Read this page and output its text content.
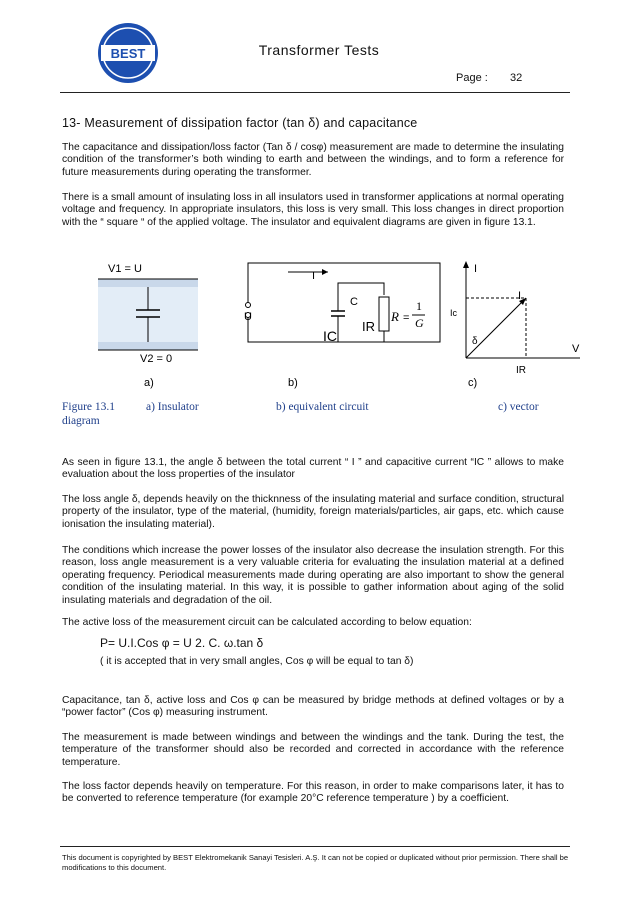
BEST	Transformer Tests
Page : 32
13- Measurement of dissipation factor (tan δ) and capacitance
The capacitance and dissipation/loss factor (Tan δ / cosφ) measurement are made to determine the insulating condition of the transformer’s both winding to earth and between the windings, and to form a reference for future measurements during operating the transformer.
There is a small amount of insulating loss in all insulators used in transformer applications at normal operating voltage and frequency. In appropriate insulators, this loss is very small. This loss changes in direct proportion with the “ square “ of the applied voltage. The insulator and equivalent diagrams are given in figure 13.1.
V1 = U
V2 = 0
a)
U
I
C
IC
IR
R =
1
G
b)
I
I
Ic
δ
V
IR
c)
Figure 13.1	a) Insulator	b) equivalent circuit	c) vector
diagram
As seen in figure 13.1, the angle δ between the total current “ I ” and capacitive current “IC ” allows to make evaluation about the loss properties of the insulator
The loss angle δ, depends heavily on the thicknness of the insulating material and surface condition, structural property of the insulator, type of the material, (humidity, foreign materials/particles, air gaps, etc. which cause ionisation the insulating material).
The conditions which increase the power losses of the insulator also decrease the insulation strength. For this reason, loss angle measurement is a very valuable criteria for evaluating the insulation material at a defined operating frequency. Periodical measurements made during operating are also important to show the general condition of the insulating material. In this way, it is possible to gather information about aging of the solid insulating materials and degradation of the oil.
The active loss of the measurement circuit can be calculated according to below equation:
P= U.I.Cos φ = U 2. C. ω.tan δ
( it is accepted that in very small angles, Cos φ will be equal to tan δ)
Capacitance, tan δ, active loss and Cos φ can be measured by bridge methods at defined voltages or by a “power factor” (Cos φ) measuring instrument.
The measurement is made between windings and between the windings and the tank. During the test, the temperature of the transformer should also be recorded and corrected in accordance with the reference temperature.
The loss factor depends heavily on temperature. For this reason, in order to make comparisons later, it has to be converted to reference temperature (for example 20°C reference temperature ) by a coefficient.
This document is copyrighted by BEST Elektromekanik Sanayi Tesisleri. A.Ş. It can not be copied or duplicated without prior permission. There shall be modifications to this document.
